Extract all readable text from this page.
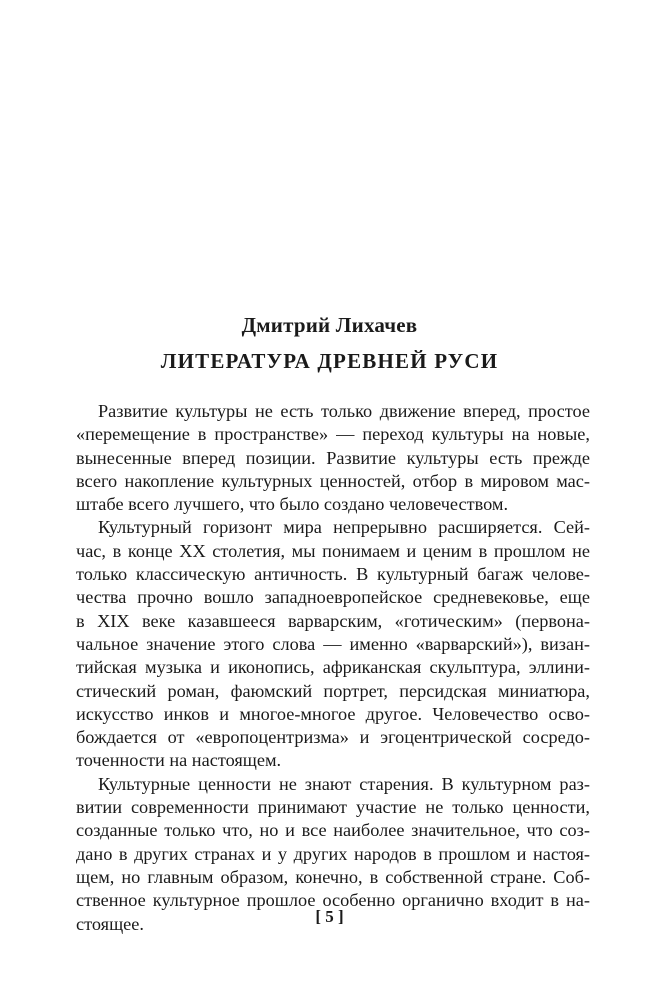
Дмитрий Лихачев
ЛИТЕРАТУРА ДРЕВНЕЙ РУСИ
Развитие культуры не есть только движение вперед, простое
«перемещение в пространстве» — переход культуры на новые,
вынесенные вперед позиции. Развитие культуры есть прежде
всего накопление культурных ценностей, отбор в мировом мас-
штабе всего лучшего, что было создано человечеством.
Культурный горизонт мира непрерывно расширяется. Сей-
час, в конце XX столетия, мы понимаем и ценим в прошлом не
только классическую античность. В культурный багаж челове-
чества прочно вошло западноевропейское средневековье, еще
в XIX веке казавшееся варварским, «готическим» (первона-
чальное значение этого слова — именно «варварский»), визан-
тийская музыка и иконопись, африканская скульптура, эллини-
стический роман, фаюмский портрет, персидская миниатюра,
искусство инков и многое-многое другое. Человечество осво-
бождается от «европоцентризма» и эгоцентрической сосредо-
точенности на настоящем.
Культурные ценности не знают старения. В культурном раз-
витии современности принимают участие не только ценности,
созданные только что, но и все наиболее значительное, что соз-
дано в других странах и у других народов в прошлом и настоя-
щем, но главным образом, конечно, в собственной стране. Соб-
ственное культурное прошлое особенно органично входит в на-
стоящее.	[ 5 ]
